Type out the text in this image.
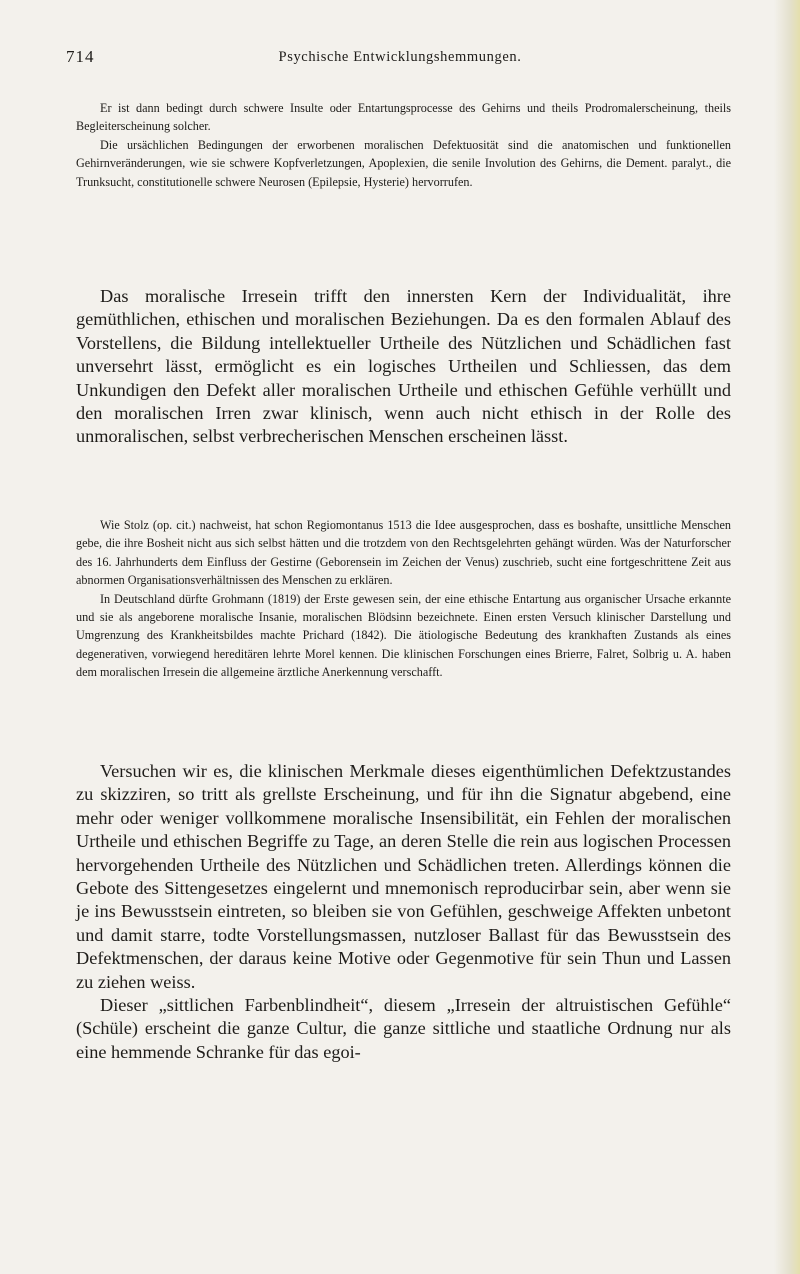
714	Psychische Entwicklungshemmungen.

Er ist dann bedingt durch schwere Insulte oder Entartungsprocesse des Gehirns und theils Prodromalerscheinung, theils Begleiterscheinung solcher.

Die ursächlichen Bedingungen der erworbenen moralischen Defektuosität sind die anatomischen und funktionellen Gehirnveränderungen, wie sie schwere Kopfverletzungen, Apoplexien, die senile Involution des Gehirns, die Dement. paralyt., die Trunksucht, constitutionelle schwere Neurosen (Epilepsie, Hysterie) hervorrufen.

Das moralische Irresein trifft den innersten Kern der Individualität, ihre gemüthlichen, ethischen und moralischen Beziehungen. Da es den formalen Ablauf des Vorstellens, die Bildung intellektueller Urtheile des Nützlichen und Schädlichen fast unversehrt lässt, ermöglicht es ein logisches Urtheilen und Schliessen, das dem Unkundigen den Defekt aller moralischen Urtheile und ethischen Gefühle verhüllt und den moralischen Irren zwar klinisch, wenn auch nicht ethisch in der Rolle des unmoralischen, selbst verbrecherischen Menschen erscheinen lässt.

Wie Stolz (op. cit.) nachweist, hat schon Regiomontanus 1513 die Idee ausgesprochen, dass es boshafte, unsittliche Menschen gebe, die ihre Bosheit nicht aus sich selbst hätten und die trotzdem von den Rechtsgelehrten gehängt würden. Was der Naturforscher des 16. Jahrhunderts dem Einfluss der Gestirne (Geborensein im Zeichen der Venus) zuschrieb, sucht eine fortgeschrittene Zeit aus abnormen Organisationsverhältnissen des Menschen zu erklären.

In Deutschland dürfte Grohmann (1819) der Erste gewesen sein, der eine ethische Entartung aus organischer Ursache erkannte und sie als angeborene moralische Insanie, moralischen Blödsinn bezeichnete. Einen ersten Versuch klinischer Darstellung und Umgrenzung des Krankheitsbildes machte Prichard (1842). Die ätiologische Bedeutung des krankhaften Zustands als eines degenerativen, vorwiegend hereditären lehrte Morel kennen. Die klinischen Forschungen eines Brierre, Falret, Solbrig u. A. haben dem moralischen Irresein die allgemeine ärztliche Anerkennung verschafft.

Versuchen wir es, die klinischen Merkmale dieses eigenthümlichen Defektzustandes zu skizziren, so tritt als grellste Erscheinung, und für ihn die Signatur abgebend, eine mehr oder weniger vollkommene moralische Insensibilität, ein Fehlen der moralischen Urtheile und ethischen Begriffe zu Tage, an deren Stelle die rein aus logischen Processen hervorgehenden Urtheile des Nützlichen und Schädlichen treten. Allerdings können die Gebote des Sittengesetzes eingelernt und mnemonisch reproducirbar sein, aber wenn sie je ins Bewusstsein eintreten, so bleiben sie von Gefühlen, geschweige Affekten unbetont und damit starre, todte Vorstellungsmassen, nutzloser Ballast für das Bewusstsein des Defektmenschen, der daraus keine Motive oder Gegenmotive für sein Thun und Lassen zu ziehen weiss.

Dieser „sittlichen Farbenblindheit“, diesem „Irresein der altruistischen Gefühle“ (Schüle) erscheint die ganze Cultur, die ganze sittliche und staatliche Ordnung nur als eine hemmende Schranke für das egoi-
